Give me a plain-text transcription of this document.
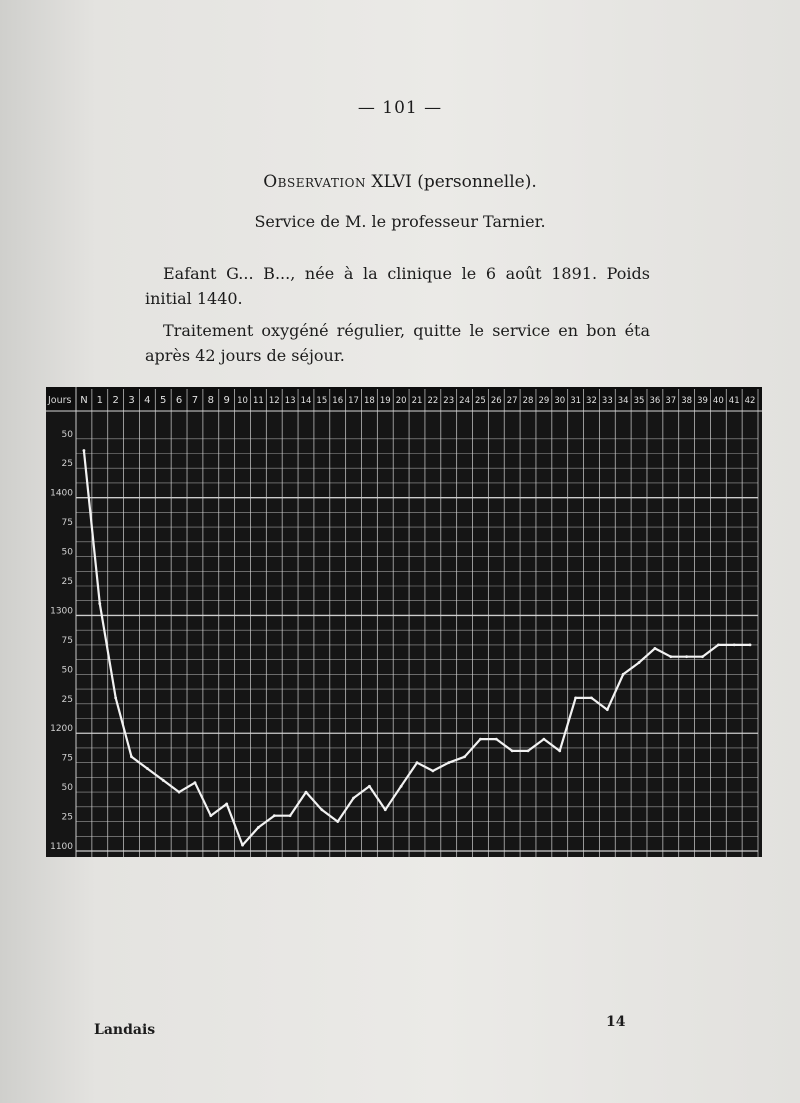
— 101 —
Observation XLVI (personnelle).
Service de M. le professeur Tarnier.
Eafant G... B..., née à la clinique le 6 août 1891. Poids initial 1440.
Traitement oxygéné régulier, quitte le service en bon éta après 42 jours de séjour.
Jours N 1 2 3 4 5 6 7 8 9 10 11 12 13 14 15 16 17 18 19 20 21 22 23 24 25 26 27 28 29 30 31 32 33 34 35 36 37 38 39 40 41 42
50
25
1400
75
50
25
1300
75
50
25
1200
75
50
25
1100
Landais	14
